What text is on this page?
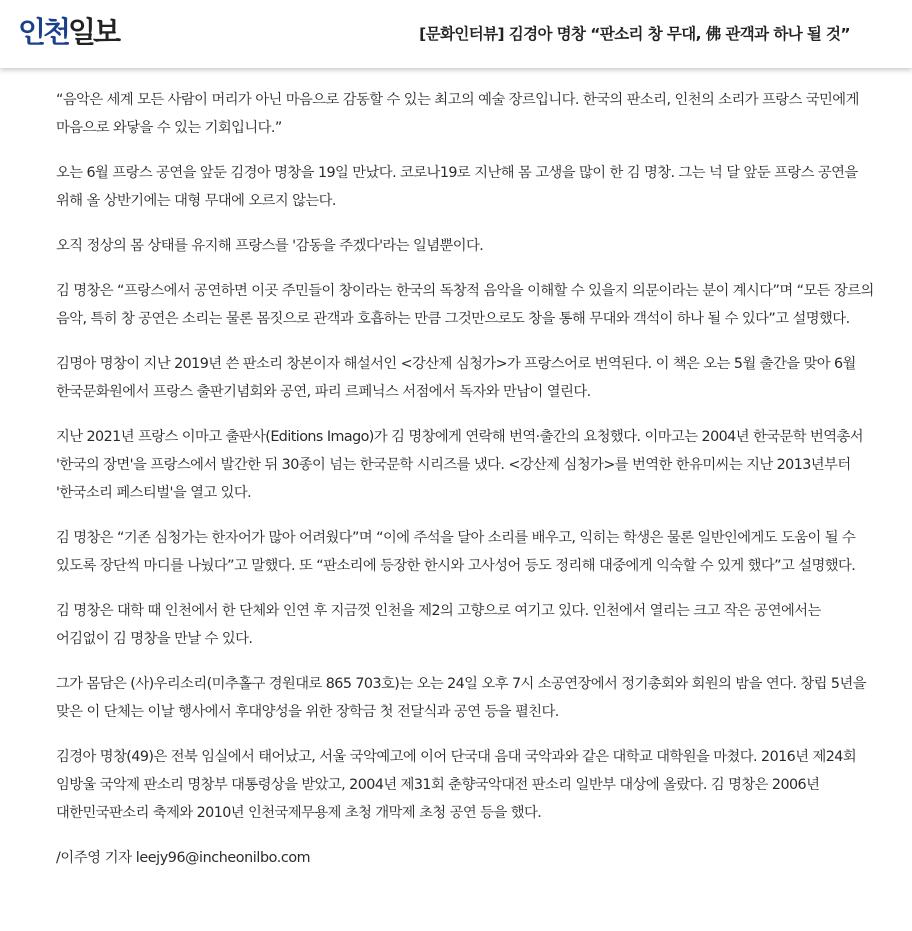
인천일보	[문화인터뷰] 김경아 명창 “판소리 창 무대, 佛 관객과 하나 될 것”

“음악은 세계 모든 사람이 머리가 아닌 마음으로 감동할 수 있는 최고의 예술 장르입니다. 한국의 판소리, 인천의 소리가 프랑스 국민에게 마음으로 와닿을 수 있는 기회입니다.”

오는 6월 프랑스 공연을 앞둔 김경아 명창을 19일 만났다. 코로나19로 지난해 몸 고생을 많이 한 김 명창. 그는 넉 달 앞둔 프랑스 공연을 위해 올 상반기에는 대형 무대에 오르지 않는다.

오직 정상의 몸 상태를 유지해 프랑스를 '감동을 주겠다'라는 일념뿐이다.

김 명창은 “프랑스에서 공연하면 이곳 주민들이 창이라는 한국의 독창적 음악을 이해할 수 있을지 의문이라는 분이 계시다”며 “모든 장르의 음악, 특히 창 공연은 소리는 물론 몸짓으로 관객과 호흡하는 만큼 그것만으로도 창을 통해 무대와 객석이 하나 될 수 있다”고 설명했다.

김명아 명창이 지난 2019년 쓴 판소리 창본이자 해설서인 <강산제 심청가>가 프랑스어로 번역된다. 이 책은 오는 5월 출간을 맞아 6월 한국문화원에서 프랑스 출판기념회와 공연, 파리 르페닉스 서점에서 독자와 만남이 열린다.

지난 2021년 프랑스 이마고 출판사(Editions Imago)가 김 명창에게 연락해 번역·출간의 요청했다. 이마고는 2004년 한국문학 번역총서 '한국의 장면'을 프랑스에서 발간한 뒤 30종이 넘는 한국문학 시리즈를 냈다. <강산제 심청가>를 번역한 한유미씨는 지난 2013년부터 '한국소리 페스티벌'을 열고 있다.

김 명창은 “기존 심청가는 한자어가 많아 어려웠다”며 “이에 주석을 달아 소리를 배우고, 익히는 학생은 물론 일반인에게도 도움이 될 수 있도록 장단씩 마디를 나눴다”고 말했다. 또 “판소리에 등장한 한시와 고사성어 등도 정리해 대중에게 익숙할 수 있게 했다”고 설명했다.

김 명창은 대학 때 인천에서 한 단체와 인연 후 지금껏 인천을 제2의 고향으로 여기고 있다. 인천에서 열리는 크고 작은 공연에서는 어김없이 김 명창을 만날 수 있다.

그가 몸담은 (사)우리소리(미추홀구 경원대로 865 703호)는 오는 24일 오후 7시 소공연장에서 정기총회와 회원의 밤을 연다. 창립 5년을 맞은 이 단체는 이날 행사에서 후대양성을 위한 장학금 첫 전달식과 공연 등을 펼친다.

김경아 명창(49)은 전북 임실에서 태어났고, 서울 국악예고에 이어 단국대 음대 국악과와 같은 대학교 대학원을 마쳤다. 2016년 제24회 임방울 국악제 판소리 명창부 대통령상을 받았고, 2004년 제31회 춘향국악대전 판소리 일반부 대상에 올랐다. 김 명창은 2006년 대한민국판소리 축제와 2010년 인천국제무용제 초청 개막제 초청 공연 등을 했다.

/이주영 기자 leejy96@incheonilbo.com
